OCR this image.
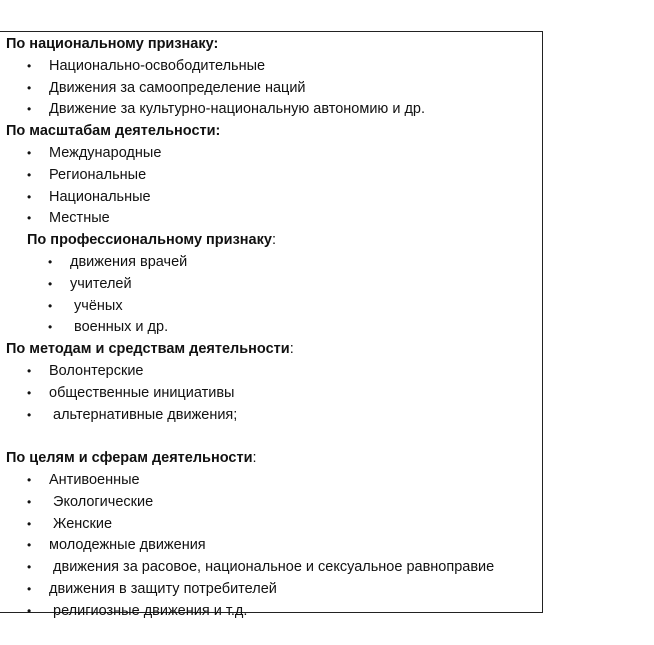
По национальному признаку:
• Национально-освободительные
• Движения за самоопределение наций
• Движение за культурно-национальную автономию и др.
По масштабам деятельности:
• Международные
• Региональные
• Национальные
• Местные
По профессиональному признаку:
• движения врачей
• учителей
• учёных
• военных и др.
По методам и средствам деятельности:
• Волонтерские
• общественные инициативы
• альтернативные движения;
По целям и сферам деятельности:
• Антивоенные
• Экологические
• Женские
• молодежные движения
• движения за расовое, национальное и сексуальное равноправие
• движения в защиту потребителей
• религиозные движения и т.д.
